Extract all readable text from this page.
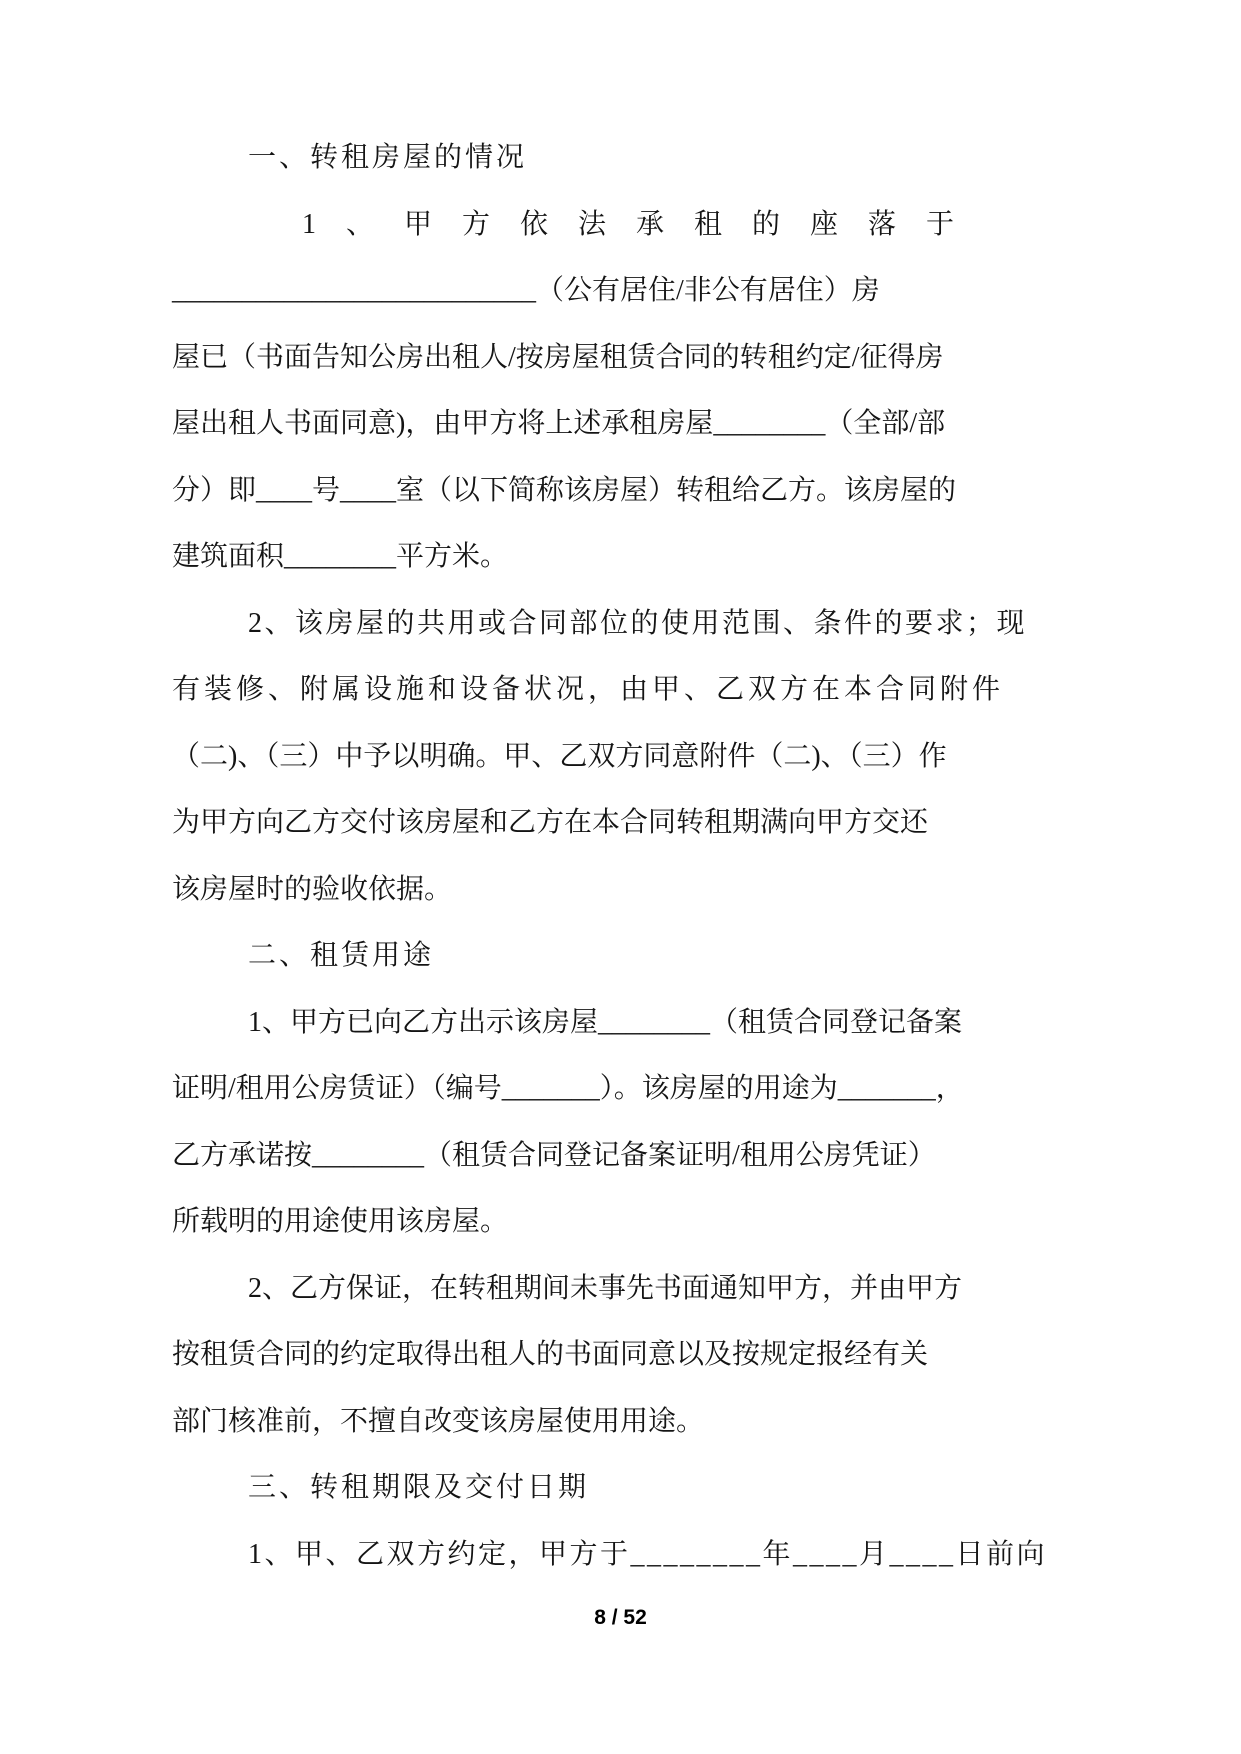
一、转租房屋的情况
1、甲方依法承租的座落于
__________________________（公有居住/非公有居住）房
屋已（书面告知公房出租人/按房屋租赁合同的转租约定/征得房
屋出租人书面同意)，由甲方将上述承租房屋________（全部/部
分）即____号____室（以下简称该房屋）转租给乙方。该房屋的
建筑面积________平方米。
2、该房屋的共用或合同部位的使用范围、条件的要求；现
有装修、附属设施和设备状况，由甲、乙双方在本合同附件
（二)、（三）中予以明确。甲、乙双方同意附件（二)、（三）作
为甲方向乙方交付该房屋和乙方在本合同转租期满向甲方交还
该房屋时的验收依据。
二、租赁用途
1、甲方已向乙方出示该房屋________（租赁合同登记备案
证明/租用公房赁证）（编号_______）。该房屋的用途为_______，
乙方承诺按________（租赁合同登记备案证明/租用公房凭证）
所载明的用途使用该房屋。
2、乙方保证，在转租期间未事先书面通知甲方，并由甲方
按租赁合同的约定取得出租人的书面同意以及按规定报经有关
部门核准前，不擅自改变该房屋使用用途。
三、转租期限及交付日期
1、甲、乙双方约定，甲方于________年____月____日前向
8 / 52
